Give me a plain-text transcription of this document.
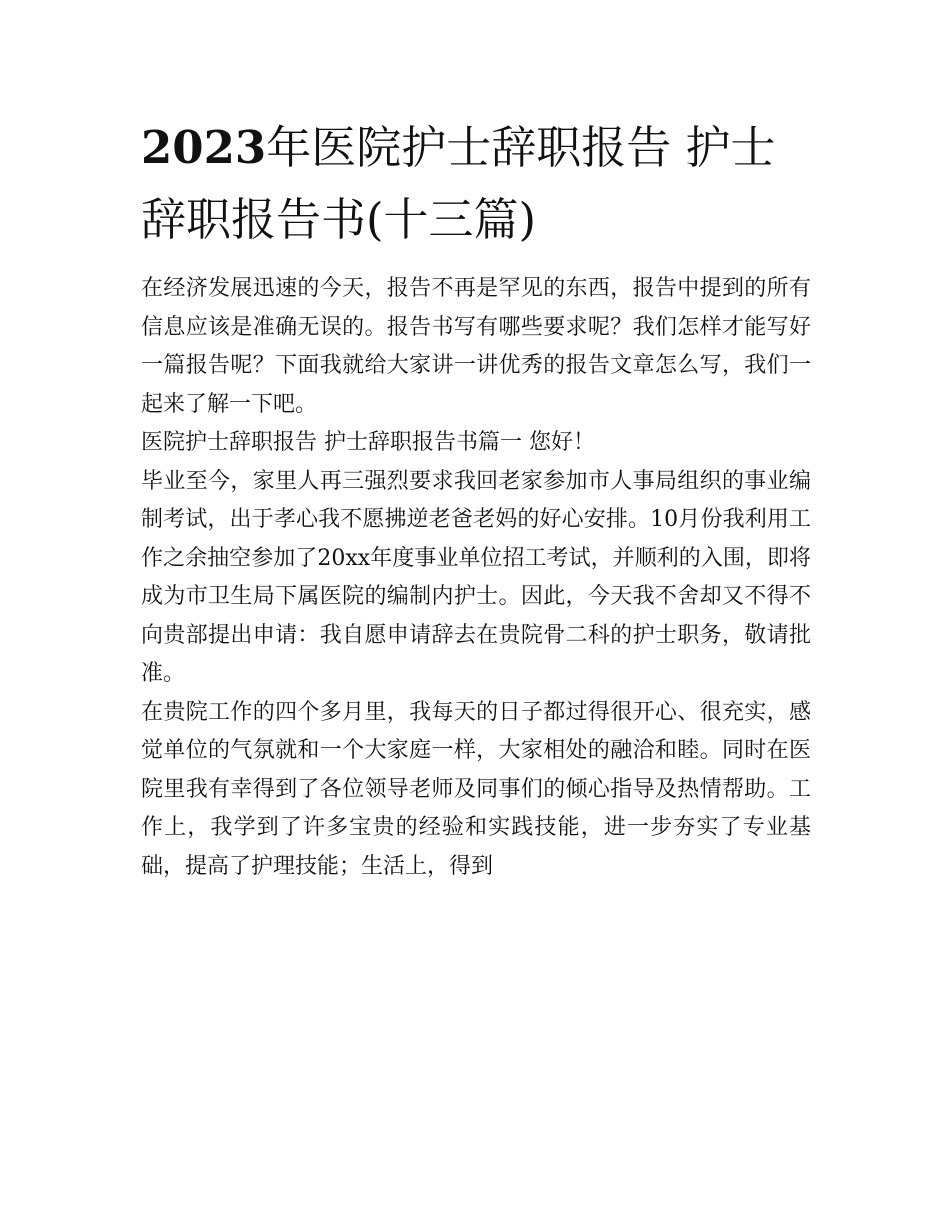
2023年医院护士辞职报告 护士辞职报告书(十三篇)

在经济发展迅速的今天，报告不再是罕见的东西，报告中提到的所有信息应该是准确无误的。报告书写有哪些要求呢？我们怎样才能写好一篇报告呢？下面我就给大家讲一讲优秀的报告文章怎么写，我们一起来了解一下吧。

医院护士辞职报告 护士辞职报告书篇一 您好！

毕业至今，家里人再三强烈要求我回老家参加市人事局组织的事业编制考试，出于孝心我不愿拂逆老爸老妈的好心安排。10月份我利用工作之余抽空参加了20xx年度事业单位招工考试，并顺利的入围，即将成为市卫生局下属医院的编制内护士。因此，今天我不舍却又不得不向贵部提出申请：我自愿申请辞去在贵院骨二科的护士职务，敬请批准。

在贵院工作的四个多月里，我每天的日子都过得很开心、很充实，感觉单位的气氛就和一个大家庭一样，大家相处的融洽和睦。同时在医院里我有幸得到了各位领导老师及同事们的倾心指导及热情帮助。工作上，我学到了许多宝贵的经验和实践技能，进一步夯实了专业基础，提高了护理技能；生活上，得到
